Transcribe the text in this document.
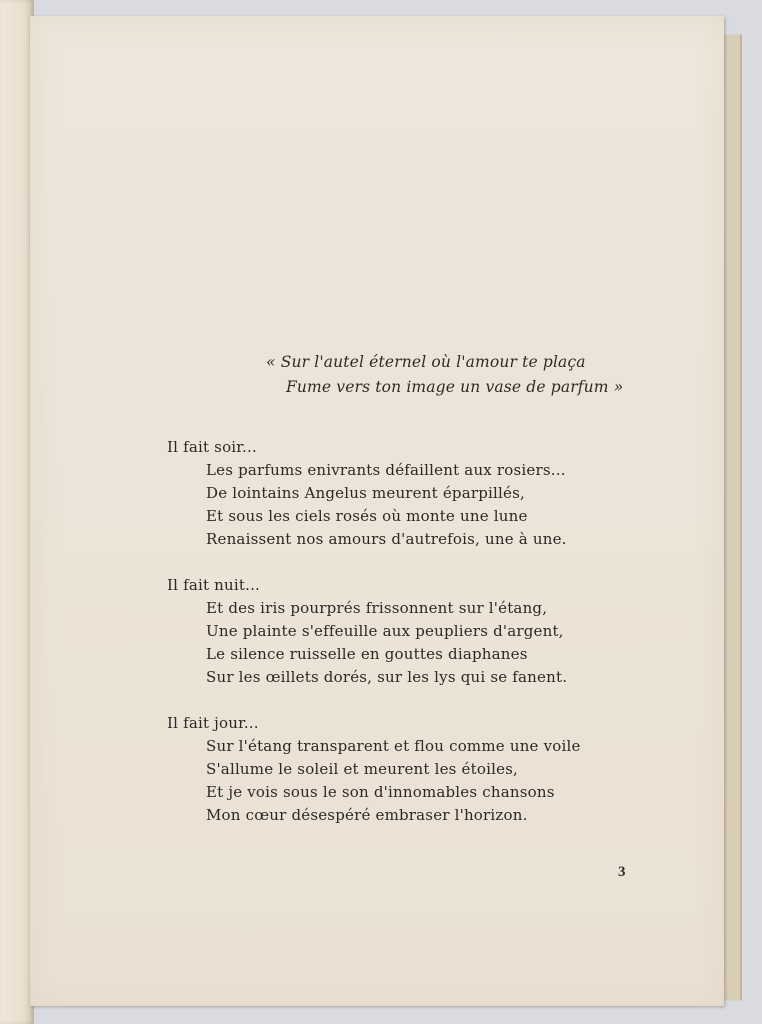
« Sur l'autel éternel où l'amour te plaça
Fume vers ton image un vase de parfum »
Il fait soir...
Les parfums enivrants défaillent aux rosiers...
De lointains Angelus meurent éparpillés,
Et sous les ciels rosés où monte une lune
Renaissent nos amours d'autrefois, une à une.
Il fait nuit...
Et des iris pourprés frissonnent sur l'étang,
Une plainte s'effeuille aux peupliers d'argent,
Le silence ruisselle en gouttes diaphanes
Sur les œillets dorés, sur les lys qui se fanent.
Il fait jour...
Sur l'étang transparent et flou comme une voile
S'allume le soleil et meurent les étoiles,
Et je vois sous le son d'innomables chansons
Mon cœur désespéré embraser l'horizon.
3
